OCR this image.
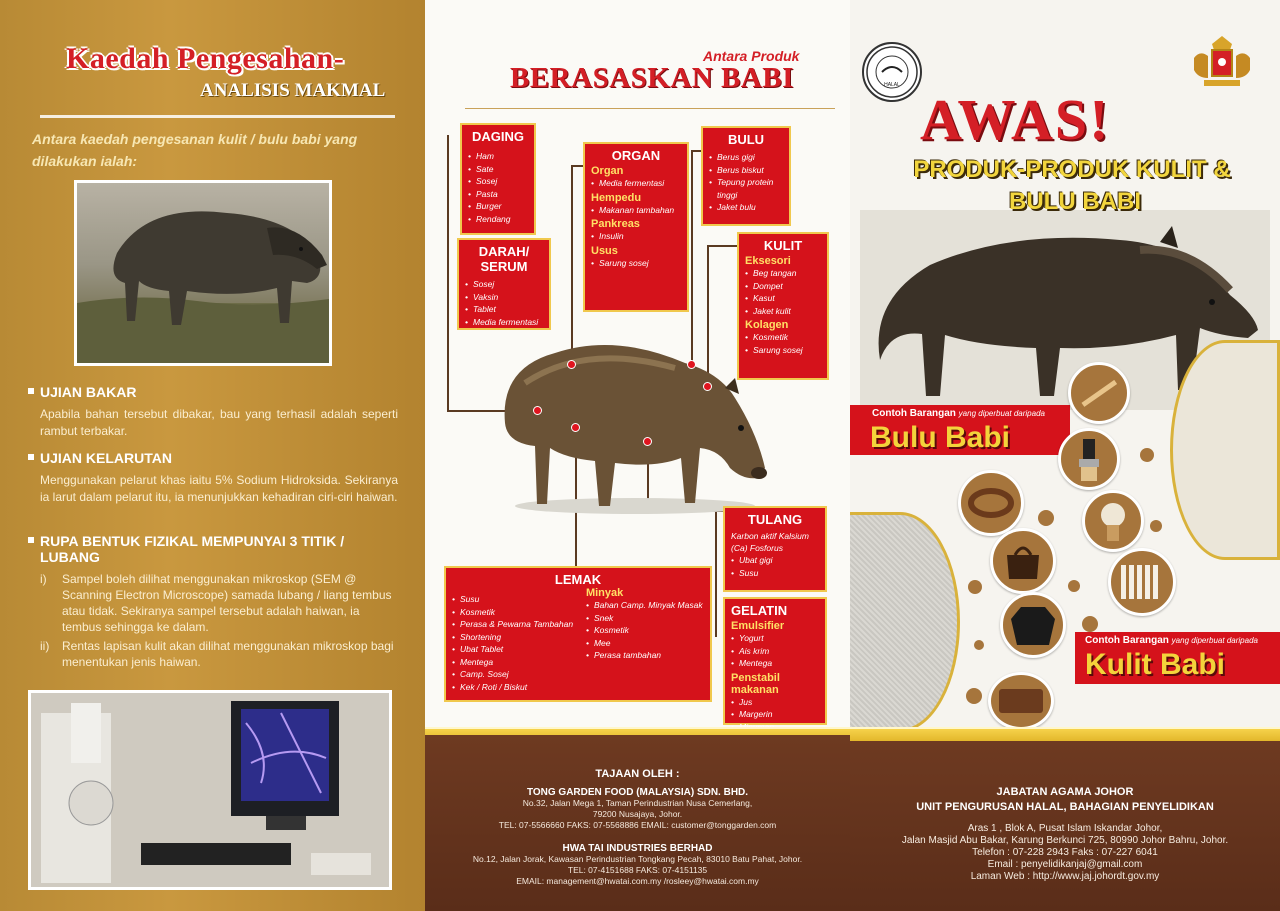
Kaedah Pengesahan-
ANALISIS MAKMAL
Antara kaedah pengesanan kulit / bulu babi yang dilakukan ialah:
UJIAN BAKAR

Apabila bahan tersebut dibakar, bau yang terhasil adalah seperti rambut terbakar.

UJIAN KELARUTAN

Menggunakan pelarut khas iaitu 5% Sodium Hidroksida. Sekiranya ia larut dalam pelarut itu, ia menunjukkan kehadiran ciri-ciri haiwan.

RUPA BENTUK FIZIKAL MEMPUNYAI 3 TITIK / LUBANG
i)	Sampel boleh dilihat menggunakan mikroskop (SEM @ Scanning Electron Microscope) samada lubang / liang tembus atau tidak. Sekiranya sampel tersebut adalah haiwan, ia tembus sehingga ke dalam.
ii)	Rentas lapisan kulit akan dilihat menggunakan mikroskop bagi menentukan jenis haiwan.
Antara Produk
BERASASKAN BABI
DAGING
• Ham
• Sate
• Sosej
• Pasta
• Burger
• Rendang
DARAH/ SERUM
• Sosej
• Vaksin
• Tablet
• Media fermentasi
ORGAN
Organ
• Media fermentasi
Hempedu
• Makanan tambahan
Pankreas
• Insulin
Usus
• Sarung sosej
BULU
• Berus gigi
• Berus biskut
• Tepung protein tinggi
• Jaket bulu
KULIT
Eksesori
• Beg tangan
• Dompet
• Kasut
• Jaket kulit
Kolagen
• Kosmetik
• Sarung sosej
TULANG
Karbon aktif Kalsium (Ca) Fosforus
• Ubat gigi
• Susu
LEMAK
• Susu
• Kosmetik
• Perasa & Pewarna Tambahan
• Shortening
• Ubat Tablet
• Mentega
• Camp. Sosej
• Kek / Roti / Biskut
Minyak
• Bahan Camp. Minyak Masak
• Snek
• Kosmetik
• Mee
• Perasa tambahan
GELATIN
Emulsifier
• Yogurt
• Ais krim
• Mentega
Penstabil makanan
• Jus
• Margerin
•
TAJAAN OLEH :
TONG GARDEN FOOD (MALAYSIA) SDN. BHD.
No.32, Jalan Mega 1, Taman Perindustrian Nusa Cemerlang,
79200 Nusajaya, Johor.
TEL: 07-5566660 FAKS: 07-5568886 EMAIL: customer@tonggarden.com
HWA TAI INDUSTRIES BERHAD
No.12, Jalan Jorak, Kawasan Perindustrian Tongkang Pecah, 83010 Batu Pahat, Johor.
TEL: 07-4151688 FAKS: 07-4151135
EMAIL: management@hwatai.com.my /rosleey@hwatai.com.my
HALAL
AWAS!
PRODUK-PRODUK KULIT &
BULU BABI
Contoh Barangan yang diperbuat daripada
Bulu Babi
Contoh Barangan yang diperbuat daripada
Kulit Babi
JABATAN AGAMA JOHOR
UNIT PENGURUSAN HALAL, BAHAGIAN PENYELIDIKAN
Aras 1 , Blok A, Pusat Islam Iskandar Johor,
Jalan Masjid Abu Bakar, Karung Berkunci 725, 80990 Johor Bahru, Johor.
Telefon : 07-228 2943 Faks : 07-227 6041
Email : penyelidikanjaj@gmail.com
Laman Web : http://www.jaj.johordt.gov.my
